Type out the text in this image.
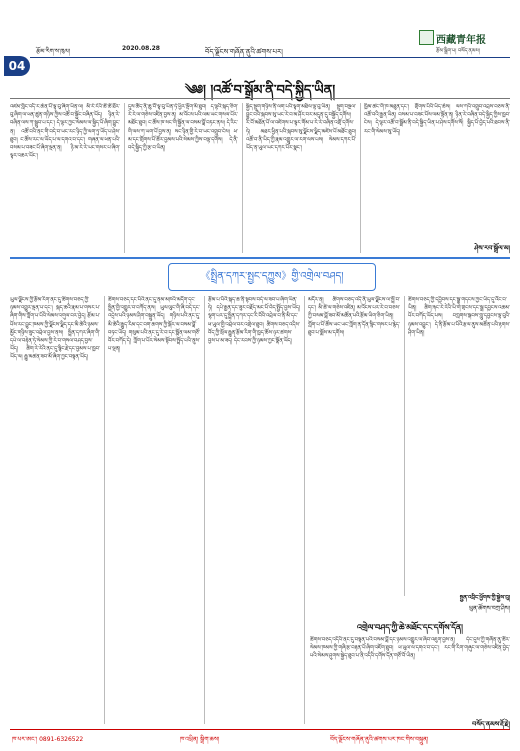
04
རྩོམ་རིག་ས་ཁུལ།	2020.08.28	བོད་ལྗོངས་གཞོན་ནུའི་ཚགས་པར།
西藏青年报
རྩོམ་སྒྲིག་པ། བསོད་ནམས།
༄༅། །འཚོ་བ་སྒྲོམ་ནི་བདེ་སྐྱིད་ཡིན།
འཛམ་གླིང་འདི་ར་ཆེན་པོ་ལྟ་བུ་ཞིག་ཡིན་ལ། མི་རེ་རེའི་ཚེ་ཚེ་ཐོར་བུ་ཞིག་ལ་ཕན་ཚུན་གཉིས་ཀྱིས་འཚོ་བ་སྐྱོང་བཞིན་ཡོད། ཉིན་རེ་བཞིན་ལས་ཀ་སྒྲུབ་པ་དང་། དེ་ལྟར་ཀྱང་སེམས་ལ་སྐྱིད་པོ་ཞིག་བྱུང་ན། འཚོ་བའི་ནང་གི་བདེ་བ་ཡང་རང་ཉིད་ཀྱི་ལག་ཏུ་ཡོད་པ་ཤེས་ཐུབ། ང་ཚོས་རང་ལ་ཡོད་པ་ལ་དགའ་བ་དང་། གཞན་ལ་ཕན་པའི་བསམ་པ་བཟང་པོ་ཞིག་ལྡན་ན། ཉི་མ་རེ་རེ་ཡང་གསར་པ་ཞིག་ལྟར་འཆར་ཡོང་།
དུས་ཚོད་ནི་ཆུ་བོ་ལྟ་བུ་ཡིན་ཏེ་ཕྱིར་ལྡོག་མི་ཐུབ། ད་ལྟའི་སྐད་ཅིག་རེ་རེ་ལ་གཅེས་འཛིན་བྱས་ན། མ་འོངས་པའི་ལམ་ཡང་གསལ་པོར་མཐོང་ཐུབ། ང་ཚོས་ཁ་སང་གི་སྐྱོན་ལ་བསམ་བློ་བཏང་ནས། དེ་རིང་གི་ལས་ཀ་ཡག་པོ་བྱས་ན། སང་ཉིན་གྱི་རེ་བ་ཡང་འགྲུབ་ངེས། ཕ་མ་དང་གྲོགས་པོ་ཚོར་བྱམས་པའི་སེམས་ཀྱིས་བལྟ་དགོས། དེ་ནི་བདེ་སྐྱིད་ཀྱི་རྩ་བ་ཡིན།
སྐྱིད་སྡུག་གཉིས་ནི་ལག་པའི་ལྟག་མཐིལ་ལྟ་བུ་ཡིན། སྡུག་བསྔལ་བྱུང་བའི་སྐབས་སུ་ཡང་རེ་བ་མ་ཤོར་བར་མདུན་དུ་བསྐྱོད་དགོས། རི་བོ་མཐོན་པོ་ལ་འཛེགས་པ་ལྟར་གོམ་པ་རེ་རེ་བཞིན་འགྲོ་དགོས་ཏེ། མཐར་ཕྱིན་པའི་སྐབས་སུ་ལྗོངས་ལྗིད་མཛེས་པོ་མཐོང་ཐུབ། འཚོ་བ་ནི་ཡིད་ཀྱི་རྣམ་འགྱུར་ལ་རག་ལས་པས། སེམས་དཀར་པོ་ཡོད་ན་ཡུལ་ཡང་དཀར་པོར་སྣང་།
ཁྱིམ་ཚང་གི་ཁ་མཐུན་དང་། གྲོགས་པོའི་ཡིད་ཆེས། ལས་ཀའི་འགྲུབ་འབྲས་བཅས་ནི་འཚོ་བའི་རྒྱན་ཡིན། བསམ་པ་བཟང་པོས་ལམ་སྟོན་ན། ཉིན་རེ་བཞིན་བདེ་སྐྱིད་ཀྱིས་ཁྱབ་ངེས། དེ་ལྟར་འཚོ་བ་སྒྲོམ་ནི་བདེ་སྐྱིད་ཡིན་པ་ཤེས་དགོས་སོ། སྐྱིད་པོ་བྱེད་པའི་ཐབས་ནི་རང་གི་སེམས་སུ་ཡོད།
ཤེས་རབ་སྒྲོལ་མ།
《སྤྲིན་དཀར་སྤྱང་དཀྱུས》གྱི་འགྲེལ་བཤད།
ཡུལ་ལྗོངས་ཀྱི་རྩོམ་རིག་ནང་དུ་ཚིགས་བཅད་ཀྱི་ཉམས་འགྱུར་ལྡན་པ་དང་། སྐད་ཆའི་རྣམ་པ་གསར་པ་ཞིག་གིས་ཀློག་པ་པོའི་སེམས་འགུལ་བར་བྱེད། རྩོམ་པ་པོས་རང་བྱུང་ཁམས་ཀྱི་ལྗོངས་ལྗིད་དང་མི་ཚེའི་ཉམས་མྱོང་གཉིས་ཟུང་འབྲེལ་བྱས་ནས། སྤྲིན་དཀར་ཞིག་གི་དཔེ་ལ་བརྟེན་ཏེ་སེམས་ཀྱི་རེ་བ་གསལ་བཤད་བྱས་ཡོད། ཚིག་རེ་རེའི་ནང་དུ་སྙིང་རྗེ་དང་བྱམས་པ་ཁྱབ་ཡོད་ལ། རྒྱུ་མཚན་ཟབ་མོ་ཞིག་ཀྱང་བསྟན་ཡོད།
ཚིགས་བཅད་དང་པོའི་ནང་དུ་ནམ་མཁའི་མདོག་དང་སྤྲིན་གྱི་འགྱུར་བ་བཀོད་ནས། ཡུལ་ལུང་གི་ཞི་བདེ་དང་འདྲེས་པའི་ཉམས་ཤིག་བསྐྲུན་ཡོད། གཉིས་པའི་ནང་དུ་མི་ཚེའི་རྒྱུད་རིམ་དང་བག་ཆགས་ཀྱི་སྐོར་ལ་བསམ་བློ་བཏང་ཡོད། གསུམ་པའི་ནང་དུ་རེ་བ་དང་སྨོན་ལམ་གཙོ་བོར་བཀོད་དེ། ཀློག་པ་པོར་སེམས་སྟོབས་སྤྲོད་པའི་ནུས་པ་ལྡན།
རྩོམ་པ་པོའི་སྐད་ཆ་ནི་སྟབས་བདེ་ལ་ཟབ་པ་ཞིག་ཡིན་ཏེ། དཔེ་རྒྱན་དང་ཟུར་བརྗོད་མང་པོ་བེད་སྤྱོད་བྱས་ཡོད། ལྷག་པར་དུ་སྤྲིན་དཀར་དང་རི་བོའི་འབྲེལ་བ་ནི་མི་དང་ཕ་ཡུལ་གྱི་འབྲེལ་བར་འགྲེལ་ཐུབ། ཚིགས་བཅད་འདིས་བོད་ཀྱི་སྲོལ་རྒྱུན་རྩོམ་རིག་གི་ཁྱད་ཆོས་ཉར་ཚགས་བྱས་པ་མ་ཟད། དེང་རབས་ཀྱི་ཉམས་ཀྱང་སྣོན་ཡོད།
མདོར་ན། ཚིགས་བཅད་འདི་ནི་ཡུལ་ལྗོངས་ལ་སྤྲོ་བ་དང་། མི་ཚེ་ལ་གཅེས་འཛིན། མ་འོངས་པར་རེ་བ་བཅས་ཀྱི་བསམ་བློ་ཟབ་མོ་མཚོན་པའི་རྩོམ་ཡིག་ཅིག་ཡིན། ཀློག་པ་པོ་ཚོས་ཡང་ཡང་ཀློག་ན་དོན་སྙིང་གསར་པ་རྙེད་ཐུབ་པ་སྨོས་མ་དགོས།
ཚིགས་བཅད་ཀྱི་དབྱིབས་དང་སྒྲ་གདངས་ཀྱང་ཡིད་དུ་འོང་བ་ཡིན། ཚིག་རྐང་རེ་རེའི་ཡི་གེ་གྲངས་དང་སྒྲ་དབྱངས་འཆམ་པོར་བཀོད་ཡོད་པས། བཀླགས་སྐབས་གླུ་དབྱངས་ལྟ་བུའི་ཉམས་འབྱུང་། དེ་ནི་རྩོམ་པ་པོའི་རྩལ་ནུས་མཚོན་པའི་རྟགས་ཤིག་ཡིན།
སྤྱན་འབྲིང་ཕྱོགས་ཀྱི་སྐྱེས་བུ།
ཕུན་ཚོགས་བཀྲ་ཤིས།
འགྲེལ་བཤད་ཀྱི་ཆེ་མཐོང་དང་དགོས་དོན།
ཚིགས་བཅད་འདིའི་ནང་དུ་བསྟན་པའི་བསམ་བློ་དང་ཉམས་འགྱུར་ལ་ཞིབ་འཇུག་བྱས་ན། དེང་དུས་ཀྱི་གཞོན་ནུ་ཚོར་སེམས་ཁམས་ཀྱི་གཞི་རྩ་བརྟན་པོ་ཞིག་འཇོག་ཐུབ། ཕ་ཡུལ་ལ་དགའ་བ་དང་། རང་གི་རིག་གཞུང་ལ་གཅེས་འཛིན་བྱེད་པའི་སེམས་ཤུགས་སྐྱེད་ཐུབ་པ་ནི་འདིའི་དགོས་དོན་གཙོ་བོ་ཡིན།
བསོད་ནམས་རྡོ་རྗེ།
ཁ་པར་ཨང་། 0891-6326522	ཁ་འཕྲིན། སྒྲིག་ཆས།	བོད་ལྗོངས་གཞོན་ནུའི་ཚགས་པར་ཁང་གིས་བསྐྲུན།
